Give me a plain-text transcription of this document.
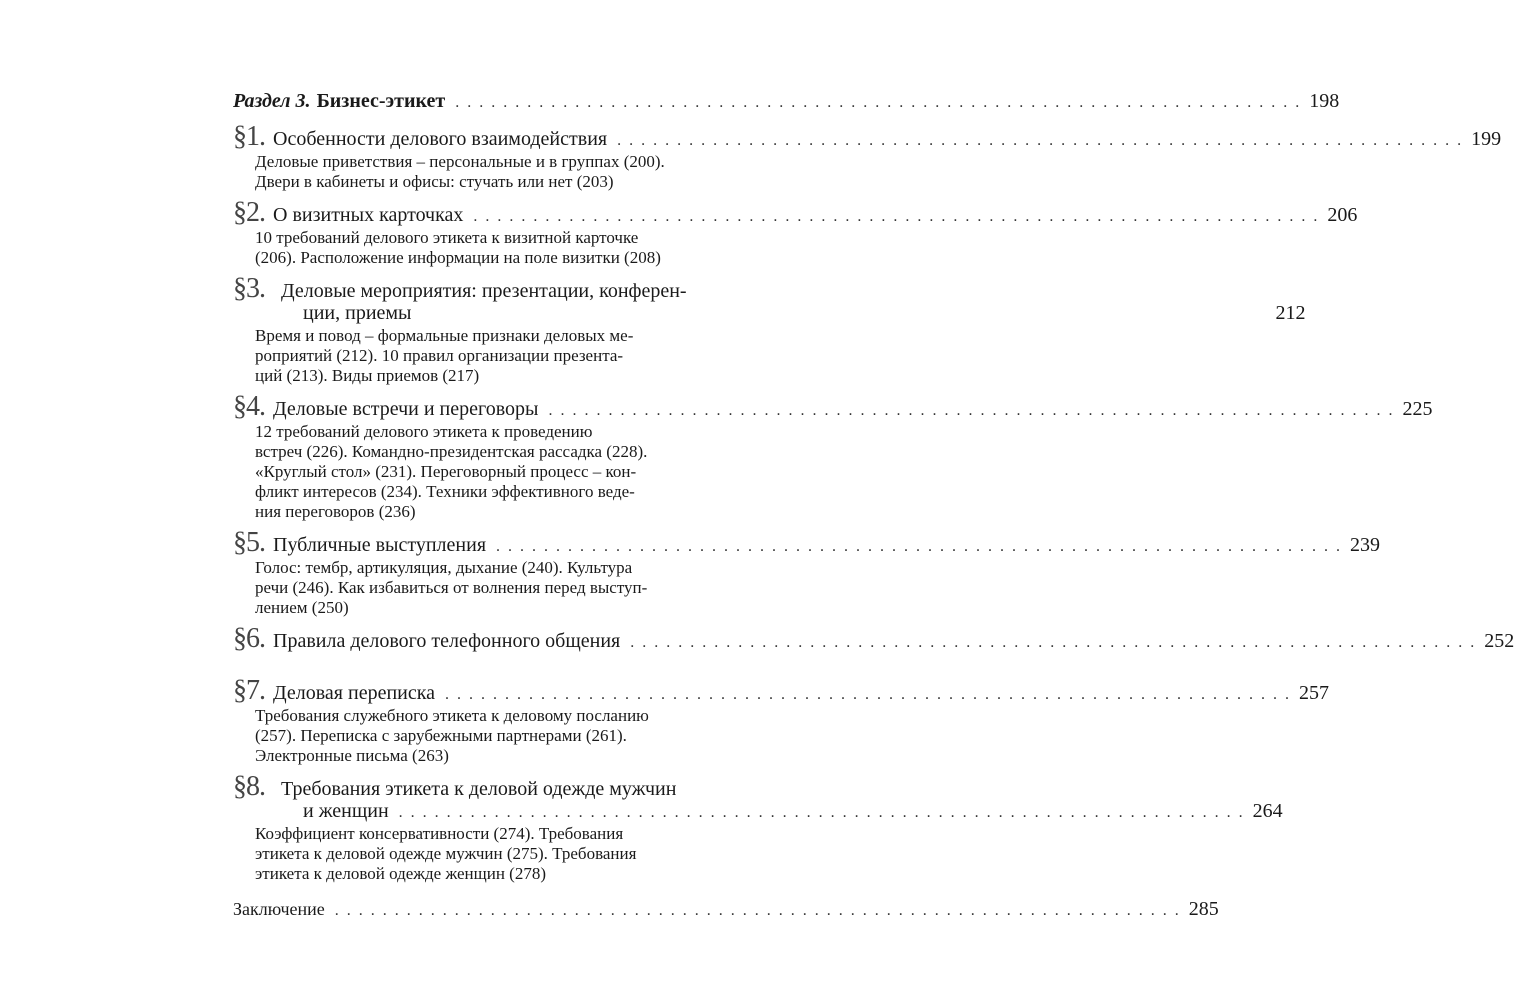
Раздел 3. Бизнес-этикет . . .	198
§1. Особенности делового взаимодействия . . .	199
Деловые приветствия – персональные и в группах (200).
Двери в кабинеты и офисы: стучать или нет (203)
§2. О визитных карточках . . .	206
10 требований делового этикета к визитной карточке
(206). Расположение информации на поле визитки (208)
§3. Деловые мероприятия: презентации, конферен-
ции, приемы	212
Время и повод – формальные признаки деловых ме-
роприятий (212). 10 правил организации презента-
ций (213). Виды приемов (217)
§4. Деловые встречи и переговоры . . .	225
12 требований делового этикета к проведению
встреч (226). Командно-президентская рассадка (228).
«Круглый стол» (231). Переговорный процесс – кон-
фликт интересов (234). Техники эффективного веде-
ния переговоров (236)
§5. Публичные выступления . . .	239
Голос: тембр, артикуляция, дыхание (240). Культура
речи (246). Как избавиться от волнения перед выступ-
лением (250)
§6. Правила делового телефонного общения . . .	252
§7. Деловая переписка . . .	257
Требования служебного этикета к деловому посланию
(257). Переписка с зарубежными партнерами (261).
Электронные письма (263)
§8. Требования этикета к деловой одежде мужчин
и женщин . . .	264
Коэффициент консервативности (274). Требования
этикета к деловой одежде мужчин (275). Требования
этикета к деловой одежде женщин (278)
Заключение . . .	285
